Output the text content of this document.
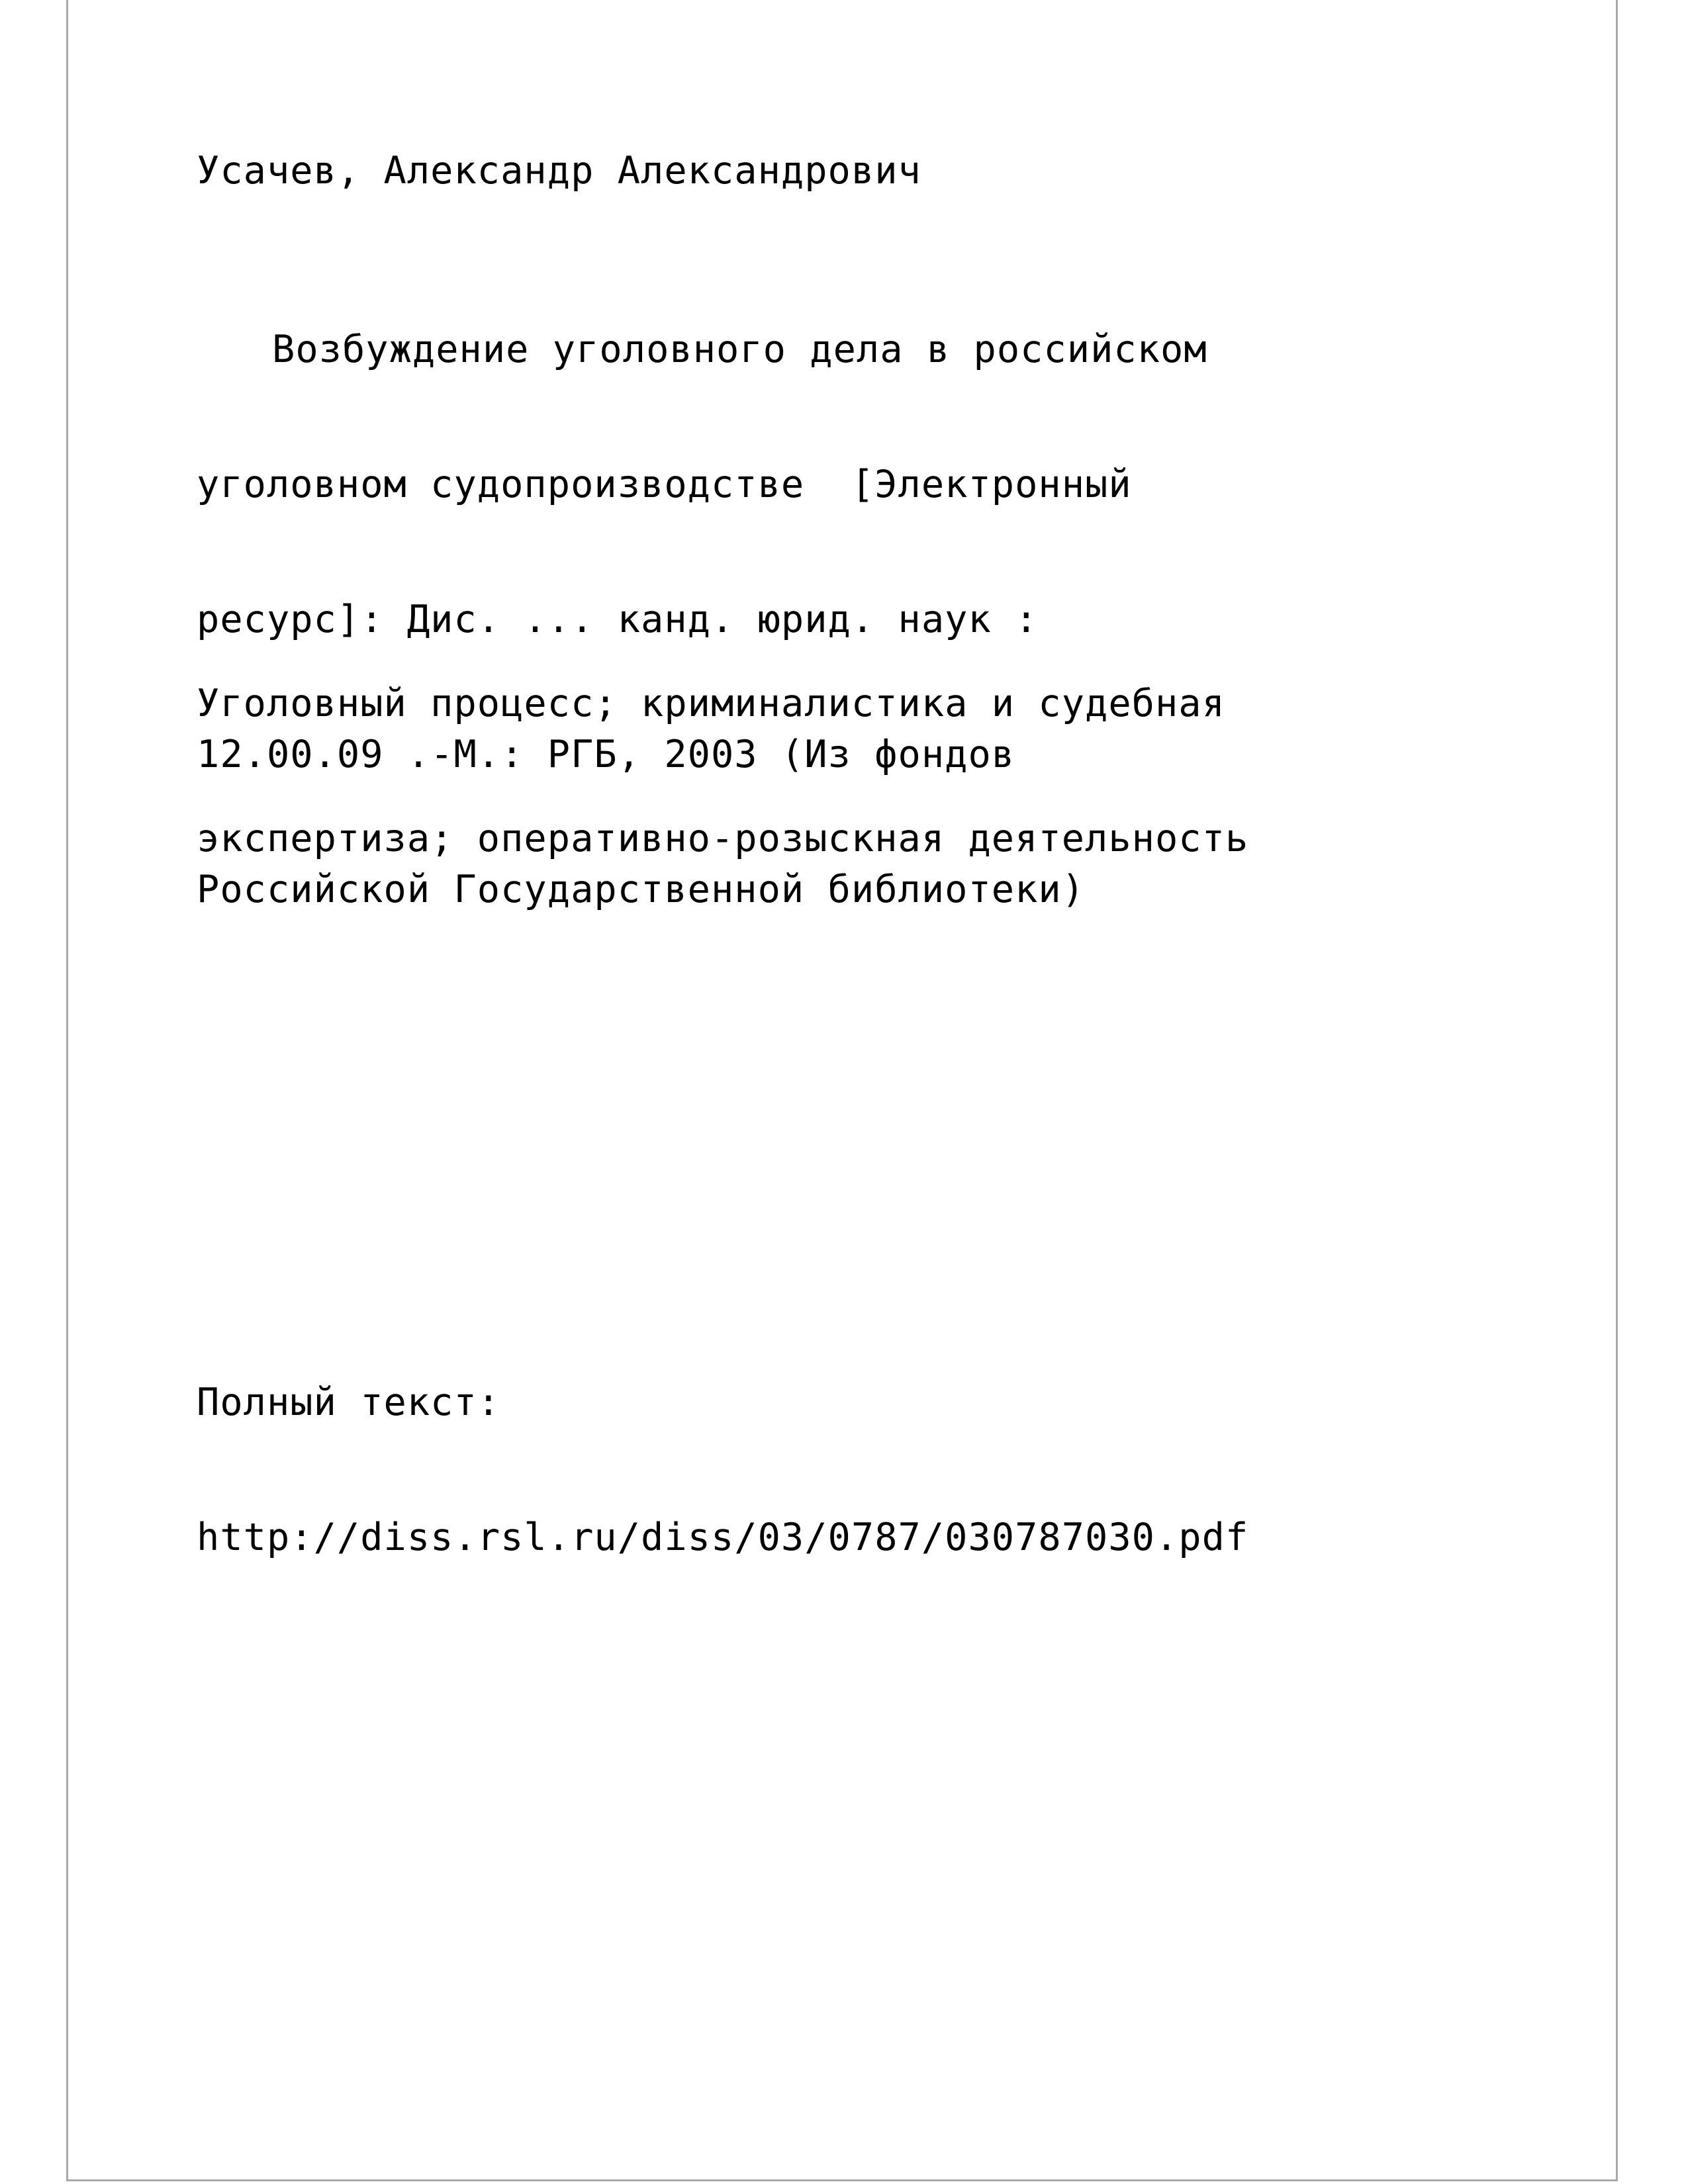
Усачев, Александр Александрович

Возбуждение уголовного дела в российском

уголовном судопроизводстве  [Электронный

ресурс]: Дис. ... канд. юрид. наук :

12.00.09 .-М.: РГБ, 2003 (Из фондов

Российской Государственной библиотеки)

Уголовный процесс; криминалистика и судебная

экспертиза; оперативно-розыскная деятельность

Полный текст:

http://diss.rsl.ru/diss/03/0787/030787030.pdf
